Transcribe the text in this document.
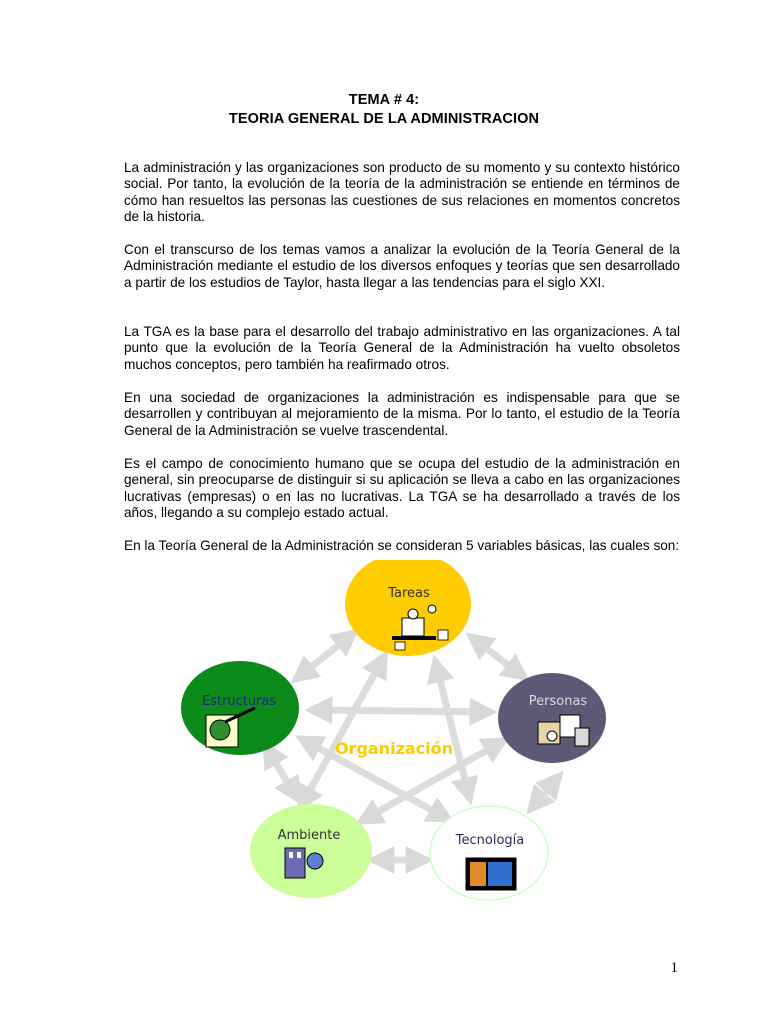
TEMA # 4:
TEORIA GENERAL DE LA ADMINISTRACION

La administración y las organizaciones son producto de su momento y su contexto histórico social. Por tanto, la evolución de la teoría de la administración se entiende en términos de cómo han resueltos las personas las cuestiones de sus relaciones en momentos concretos de la historia.

Con el transcurso de los temas vamos a analizar la evolución de la Teoría General de la Administración mediante el estudio de los diversos enfoques y teorías que sen desarrollado a partir de los estudios de Taylor, hasta llegar a las tendencias para el siglo XXI.

La TGA es la base para el desarrollo del trabajo administrativo en las organizaciones. A tal punto que la evolución de la Teoría General de la Administración ha vuelto obsoletos muchos conceptos, pero también ha reafirmado otros.

En una sociedad de organizaciones la administración es indispensable para que se desarrollen y contribuyan al mejoramiento de la misma. Por lo tanto, el estudio de la Teoría General de la Administración se vuelve trascendental.

Es el campo de conocimiento humano que se ocupa del estudio de la administración en general, sin preocuparse de distinguir si su aplicación se lleva a cabo en las organizaciones lucrativas (empresas) o en las no lucrativas. La TGA se ha desarrollado a través de los años, llegando a su complejo estado actual.

En la Teoría General de la Administración se consideran 5 variables básicas, las cuales son:

Tareas
Personas
Estructuras
Ambiente	Tecnología
Organización
1
